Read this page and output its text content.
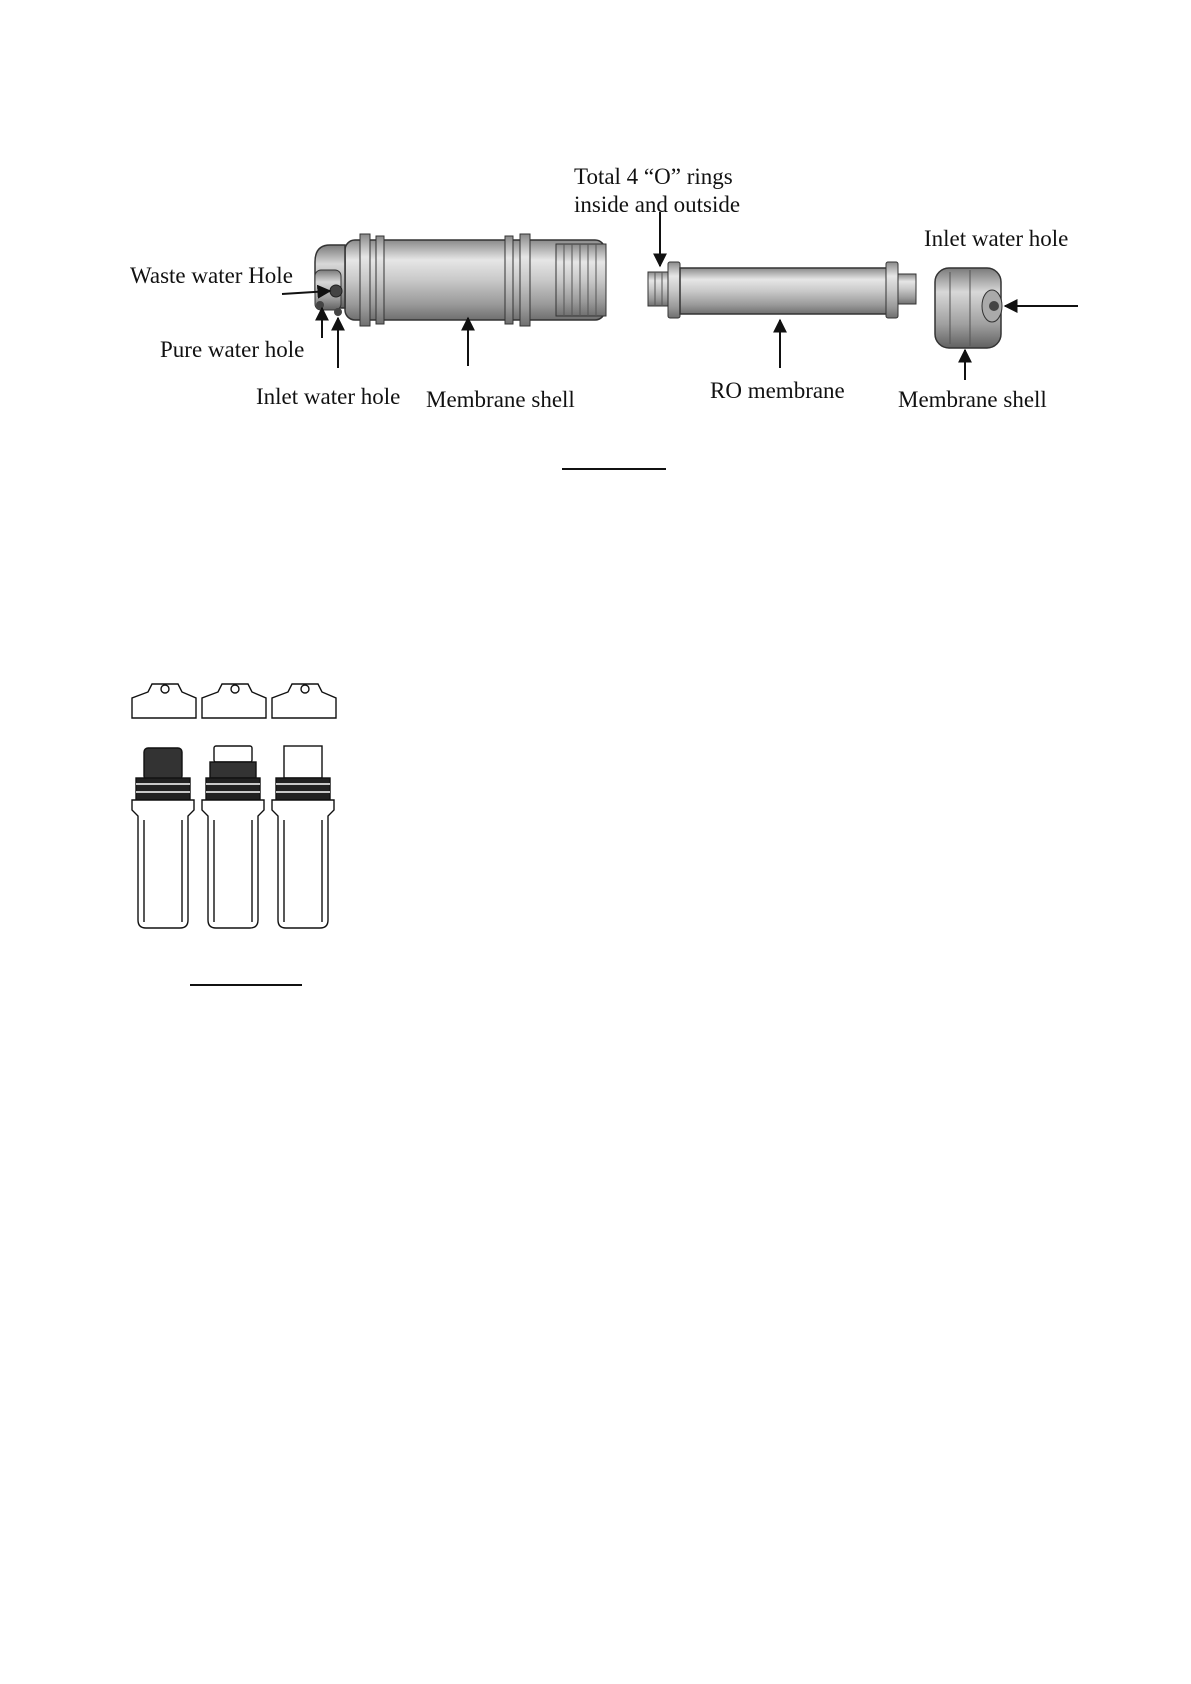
Total 4 “O” rings
inside and outside
Inlet water hole
Waste water Hole
Pure water hole
Inlet water hole Membrane shell	RO membrane Membrane shell
